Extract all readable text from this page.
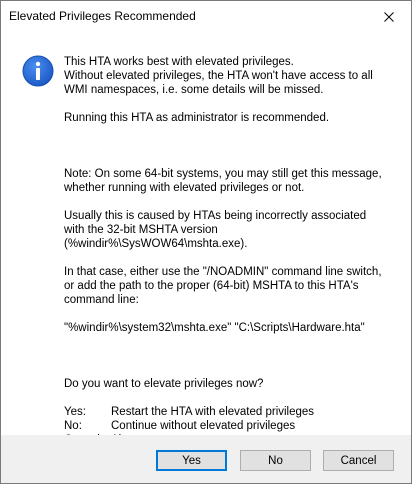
Elevated Privileges Recommended

This HTA works best with elevated privileges.

Without elevated privileges, the HTA won't have access to all

WMI namespaces, i.e. some details will be missed.

Running this HTA as administrator is recommended.

Note: On some 64-bit systems, you may still get this message,

whether running with elevated privileges or not.

Usually this is caused by HTAs being incorrectly associated

with the 32-bit MSHTA version

(%windir%\SysWOW64\mshta.exe).

In that case, either use the "/NOADMIN" command line switch,

or add the path to the proper (64-bit) MSHTA to this HTA's

command line:

"%windir%\system32\mshta.exe" "C:\Scripts\Hardware.hta"

Do you want to elevate privileges now?

Yes:	Restart the HTA with elevated privileges
No:	Continue without elevated privileges
Yes	No	Cancel
